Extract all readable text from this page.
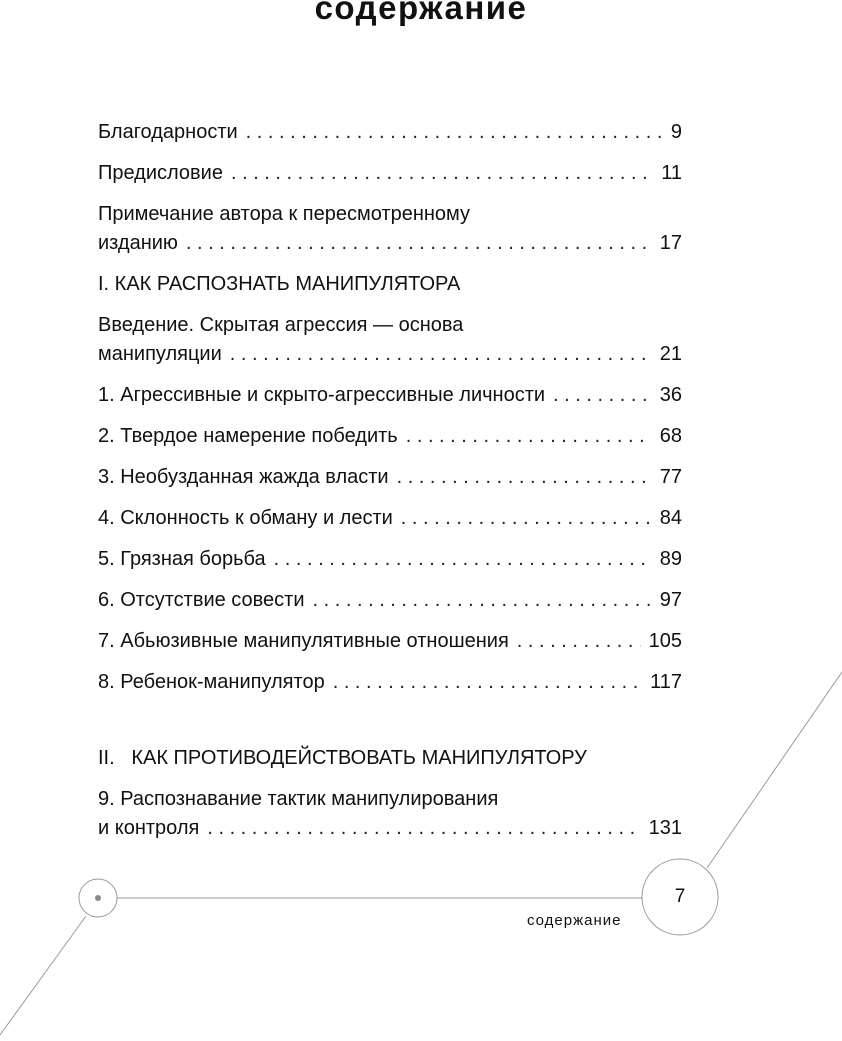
содержание
Благодарности . . .	9
Предисловие . . .	11
Примечание автора к пересмотренному
изданию . . .	17
I. КАК РАСПОЗНАТЬ МАНИПУЛЯТОРА
Введение. Скрытая агрессия — основа
манипуляции . . .	21
1. Агрессивные и скрыто-агрессивные личности . . .	36
2. Твердое намерение победить . . .	68
3. Необузданная жажда власти . . .	77
4. Склонность к обману и лести . . .	84
5. Грязная борьба . . .	89
6. Отсутствие совести . . .	97
7. Абьюзивные манипулятивные отношения . . .	105
8. Ребенок-манипулятор . . .	117
II.   КАК ПРОТИВОДЕЙСТВОВАТЬ МАНИПУЛЯТОРУ
9. Распознавание тактик манипулирования
и контроля . . .	131
7
содержание
